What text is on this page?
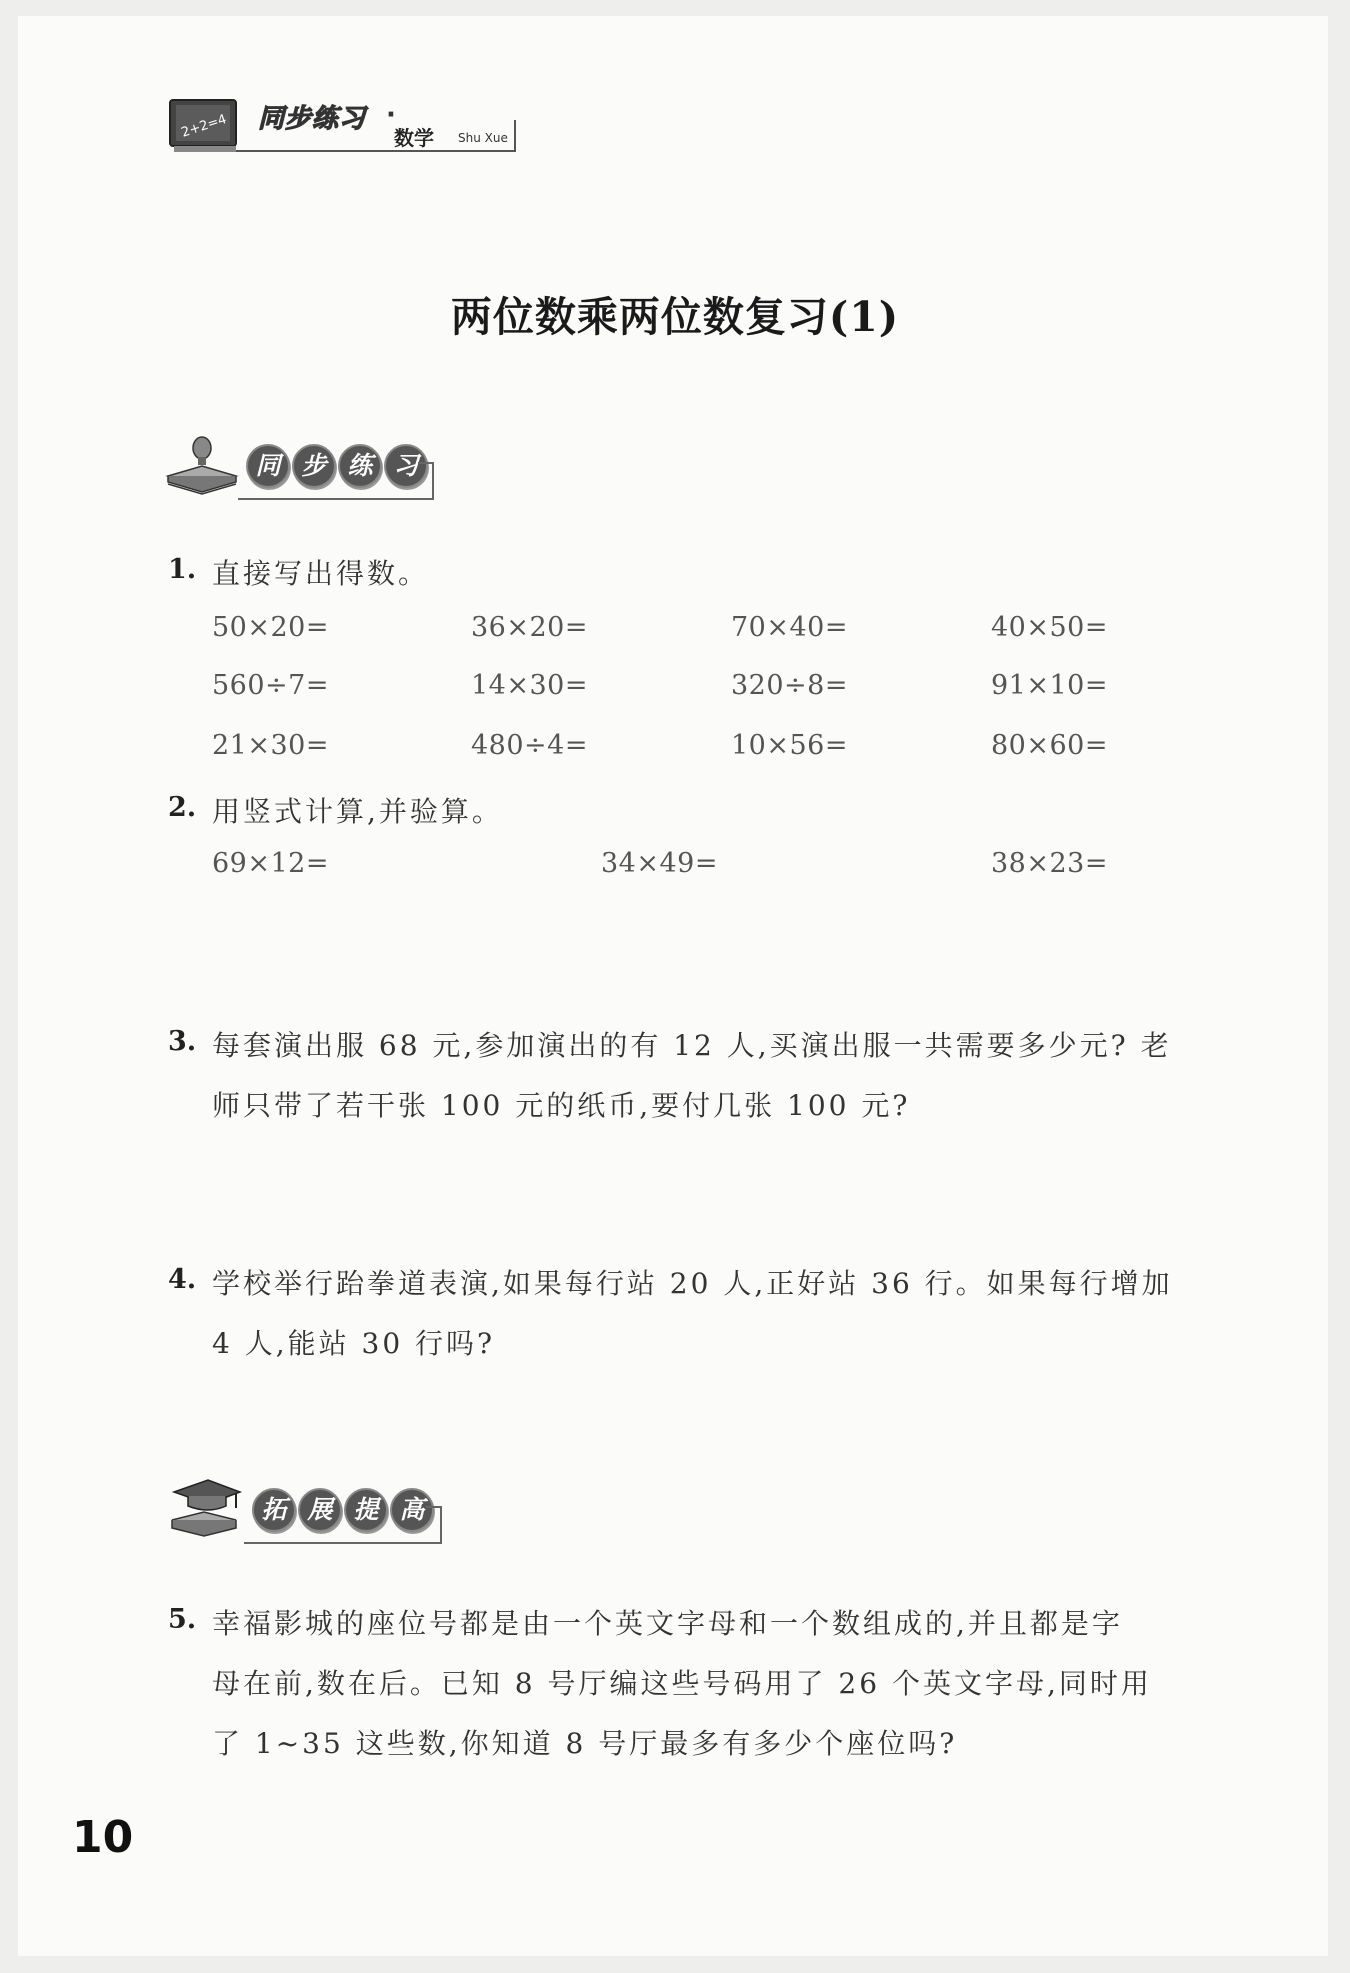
2+2=4 同步练习 ·
数学 Shu Xue
两位数乘两位数复习(1)
同 步 练 习
1. 直接写出得数。
50×20=	36×20=	70×40=	40×50=
560÷7=	14×30=	320÷8=	91×10=
21×30=	480÷4=	10×56=	80×60=
2. 用竖式计算,并验算。
69×12=	34×49=	38×23=
3. 每套演出服 68 元,参加演出的有 12 人,买演出服一共需要多少元? 老
师只带了若干张 100 元的纸币,要付几张 100 元?
4. 学校举行跆拳道表演,如果每行站 20 人,正好站 36 行。如果每行增加
4 人,能站 30 行吗?
拓 展 提 高
5. 幸福影城的座位号都是由一个英文字母和一个数组成的,并且都是字
母在前,数在后。已知 8 号厅编这些号码用了 26 个英文字母,同时用
了 1~35 这些数,你知道 8 号厅最多有多少个座位吗?
10
